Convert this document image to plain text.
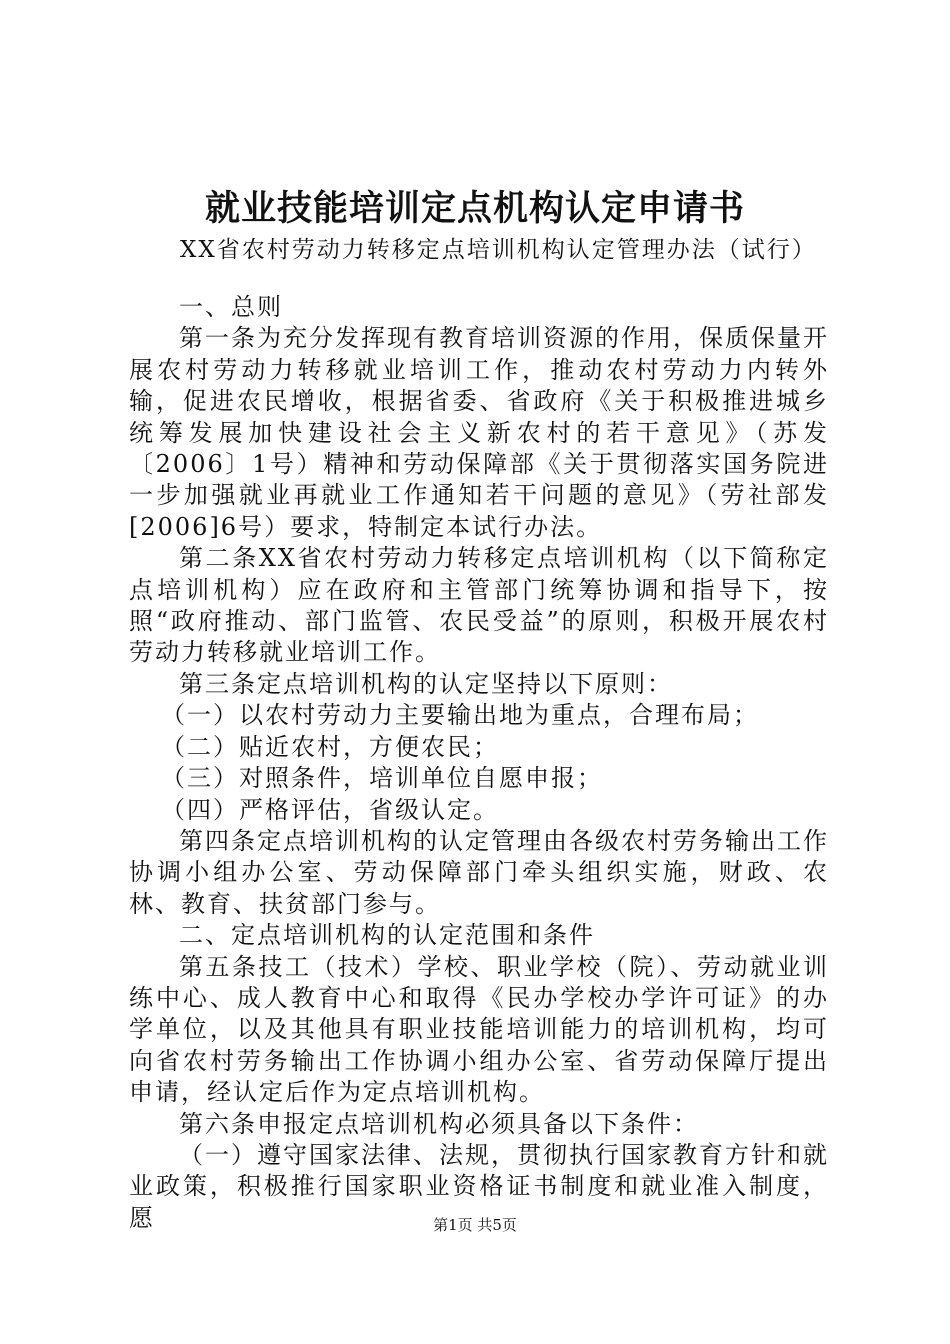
就业技能培训定点机构认定申请书
XX省农村劳动力转移定点培训机构认定管理办法（试行）

一、总则

第一条为充分发挥现有教育培训资源的作用，保质保量开展农村劳动力转移就业培训工作，推动农村劳动力内转外输，促进农民增收，根据省委、省政府《关于积极推进城乡统筹发展加快建设社会主义新农村的若干意见》（苏发〔2006〕1号）精神和劳动保障部《关于贯彻落实国务院进一步加强就业再就业工作通知若干问题的意见》（劳社部发[2006]6号）要求，特制定本试行办法。

第二条XX省农村劳动力转移定点培训机构（以下简称定点培训机构）应在政府和主管部门统筹协调和指导下，按照“政府推动、部门监管、农民受益”的原则，积极开展农村劳动力转移就业培训工作。

第三条定点培训机构的认定坚持以下原则：

（一）以农村劳动力主要输出地为重点，合理布局；

（二）贴近农村，方便农民；

（三）对照条件，培训单位自愿申报；

（四）严格评估，省级认定。

第四条定点培训机构的认定管理由各级农村劳务输出工作协调小组办公室、劳动保障部门牵头组织实施，财政、农林、教育、扶贫部门参与。

二、定点培训机构的认定范围和条件

第五条技工（技术）学校、职业学校（院）、劳动就业训练中心、成人教育中心和取得《民办学校办学许可证》的办学单位，以及其他具有职业技能培训能力的培训机构，均可向省农村劳务输出工作协调小组办公室、省劳动保障厅提出申请，经认定后作为定点培训机构。

第六条申报定点培训机构必须具备以下条件：

（一）遵守国家法律、法规，贯彻执行国家教育方针和就业政策，积极推行国家职业资格证书制度和就业准入制度，愿	第1页 共5页
